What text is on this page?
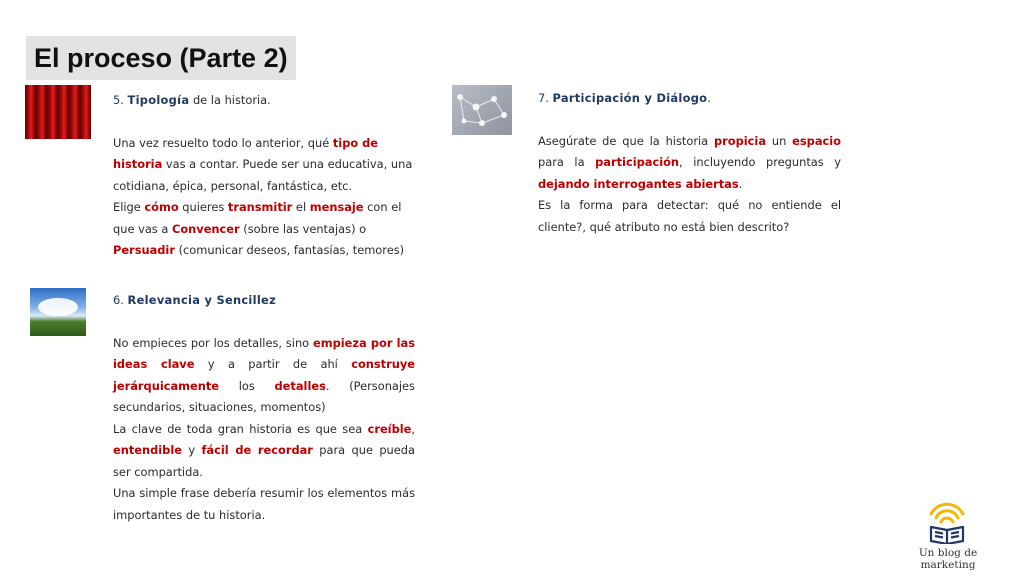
El proceso (Parte 2)

5. Tipología de la historia.

Una vez resuelto todo lo anterior, qué tipo de historia vas a contar. Puede ser una educativa, una cotidiana, épica, personal, fantástica, etc.

Elige cómo quieres transmitir el mensaje con el que vas a Convencer (sobre las ventajas) o Persuadir (comunicar deseos, fantasías, temores)

6. Relevancia y Sencillez

No empieces por los detalles, sino empieza por las ideas clave y a partir de ahí construye jerárquicamente los detalles. (Personajes secundarios, situaciones, momentos)

La clave de toda gran historia es que sea creíble, entendible y fácil de recordar para que pueda ser compartida.

Una simple frase debería resumir los elementos más importantes de tu historia.

7. Participación y Diálogo.

Asegúrate de que la historia propicia un espacio para la participación, incluyendo preguntas y dejando interrogantes abiertas.

Es la forma para detectar: qué no entiende el cliente?, qué atributo no está bien descrito?

Un blog de marketing
